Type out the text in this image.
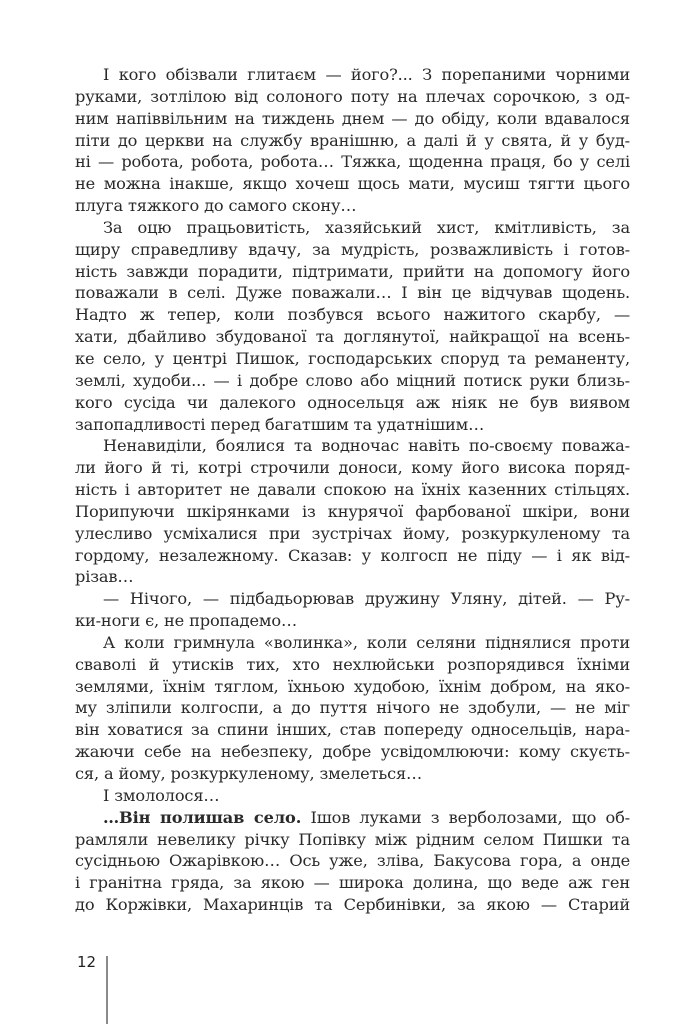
І кого обізвали глитаєм — його?... З порепаними чорними
руками, зотлілою від солоного поту на плечах сорочкою, з од-
ним напіввільним на тиждень днем — до обіду, коли вдавалося
піти до церкви на службу вранішню, а далі й у свята, й у буд-
ні — робота, робота, робота… Тяжка, щоденна праця, бо у селі
не можна інакше, якщо хочеш щось мати, мусиш тягти цього
плуга тяжкого до самого скону…
За оцю працьовитість, хазяйський хист, кмітливість, за
щиру справедливу вдачу, за мудрість, розважливість і готов-
ність завжди порадити, підтримати, прийти на допомогу його
поважали в селі. Дуже поважали… І він це відчував щодень.
Надто ж тепер, коли позбувся всього нажитого скарбу, —
хати, дбайливо збудованої та доглянутої, найкращої на всень-
ке село, у центрі Пишок, господарських споруд та реманенту,
землі, худоби... — і добре слово або міцний потиск руки близь-
кого сусіда чи далекого односельця аж ніяк не був виявом
запопадливості перед багатшим та удатнішим…
Ненавиділи, боялися та водночас навіть по-своєму поважа-
ли його й ті, котрі строчили доноси, кому його висока поряд-
ність і авторитет не давали спокою на їхніх казенних стільцях.
Порипуючи шкірянками із кнурячої фарбованої шкіри, вони
улесливо усміхалися при зустрічах йому, розкуркуленому та
гордому, незалежному. Сказав: у колгосп не піду — і як від-
різав…
— Нічого, — підбадьорював дружину Уляну, дітей. — Ру-
ки-ноги є, не пропадемо…
А коли гримнула «волинка», коли селяни піднялися проти
сваволі й утисків тих, хто нехлюйськи розпорядився їхніми
землями, їхнім тяглом, їхньою худобою, їхнім добром, на яко-
му зліпили колгоспи, а до пуття нічого не здобули, — не міг
він ховатися за спини інших, став попереду односельців, нара-
жаючи себе на небезпеку, добре усвідомлюючи: кому скуєть-
ся, а йому, розкуркуленому, змелеться…
І змололося…
…Він полишав село. Ішов луками з верболозами, що об-
рамляли невелику річку Попівку між рідним селом Пишки та
сусідньою Ожарівкою… Ось уже, зліва, Бакусова гора, а онде
і гранітна гряда, за якою — широка долина, що веде аж ген
до Коржівки, Махаринців та Сербинівки, за якою — Старий
12
